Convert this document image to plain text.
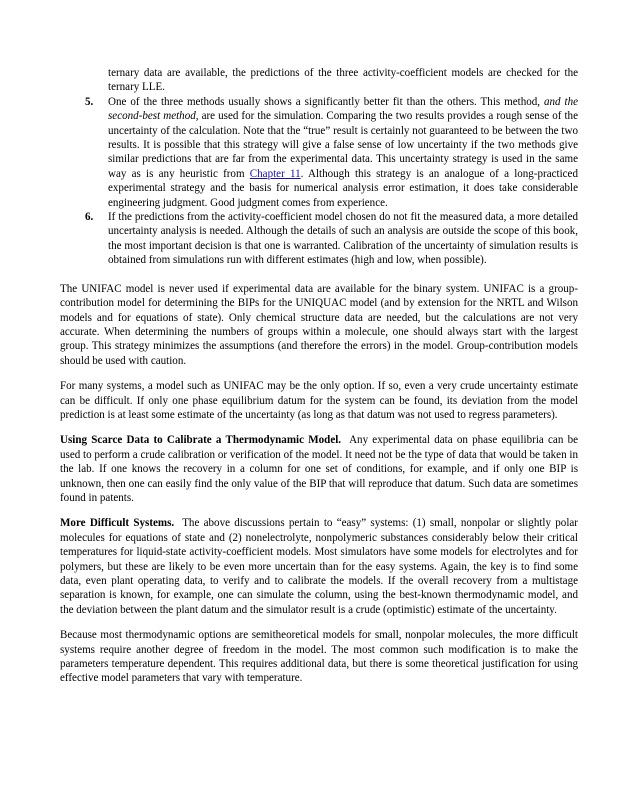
ternary data are available, the predictions of the three activity-coefficient models are checked for the ternary LLE.

5. One of the three methods usually shows a significantly better fit than the others. This method, and the second-best method, are used for the simulation. Comparing the two results provides a rough sense of the uncertainty of the calculation. Note that the “true” result is certainly not guaranteed to be between the two results. It is possible that this strategy will give a false sense of low uncertainty if the two methods give similar predictions that are far from the experimental data. This uncertainty strategy is used in the same way as is any heuristic from Chapter 11. Although this strategy is an analogue of a long-practiced experimental strategy and the basis for numerical analysis error estimation, it does take considerable engineering judgment. Good judgment comes from experience.
6. If the predictions from the activity-coefficient model chosen do not fit the measured data, a more detailed uncertainty analysis is needed. Although the details of such an analysis are outside the scope of this book, the most important decision is that one is warranted. Calibration of the uncertainty of simulation results is obtained from simulations run with different estimates (high and low, when possible).

The UNIFAC model is never used if experimental data are available for the binary system. UNIFAC is a group-contribution model for determining the BIPs for the UNIQUAC model (and by extension for the NRTL and Wilson models and for equations of state). Only chemical structure data are needed, but the calculations are not very accurate. When determining the numbers of groups within a molecule, one should always start with the largest group. This strategy minimizes the assumptions (and therefore the errors) in the model. Group-contribution models should be used with caution.

For many systems, a model such as UNIFAC may be the only option. If so, even a very crude uncertainty estimate can be difficult. If only one phase equilibrium datum for the system can be found, its deviation from the model prediction is at least some estimate of the uncertainty (as long as that datum was not used to regress parameters).

Using Scarce Data to Calibrate a Thermodynamic Model. Any experimental data on phase equilibria can be used to perform a crude calibration or verification of the model. It need not be the type of data that would be taken in the lab. If one knows the recovery in a column for one set of conditions, for example, and if only one BIP is unknown, then one can easily find the only value of the BIP that will reproduce that datum. Such data are sometimes found in patents.

More Difficult Systems. The above discussions pertain to “easy” systems: (1) small, nonpolar or slightly polar molecules for equations of state and (2) nonelectrolyte, nonpolymeric substances considerably below their critical temperatures for liquid-state activity-coefficient models. Most simulators have some models for electrolytes and for polymers, but these are likely to be even more uncertain than for the easy systems. Again, the key is to find some data, even plant operating data, to verify and to calibrate the models. If the overall recovery from a multistage separation is known, for example, one can simulate the column, using the best-known thermodynamic model, and the deviation between the plant datum and the simulator result is a crude (optimistic) estimate of the uncertainty.

Because most thermodynamic options are semitheoretical models for small, nonpolar molecules, the more difficult systems require another degree of freedom in the model. The most common such modification is to make the parameters temperature dependent. This requires additional data, but there is some theoretical justification for using effective model parameters that vary with temperature.
